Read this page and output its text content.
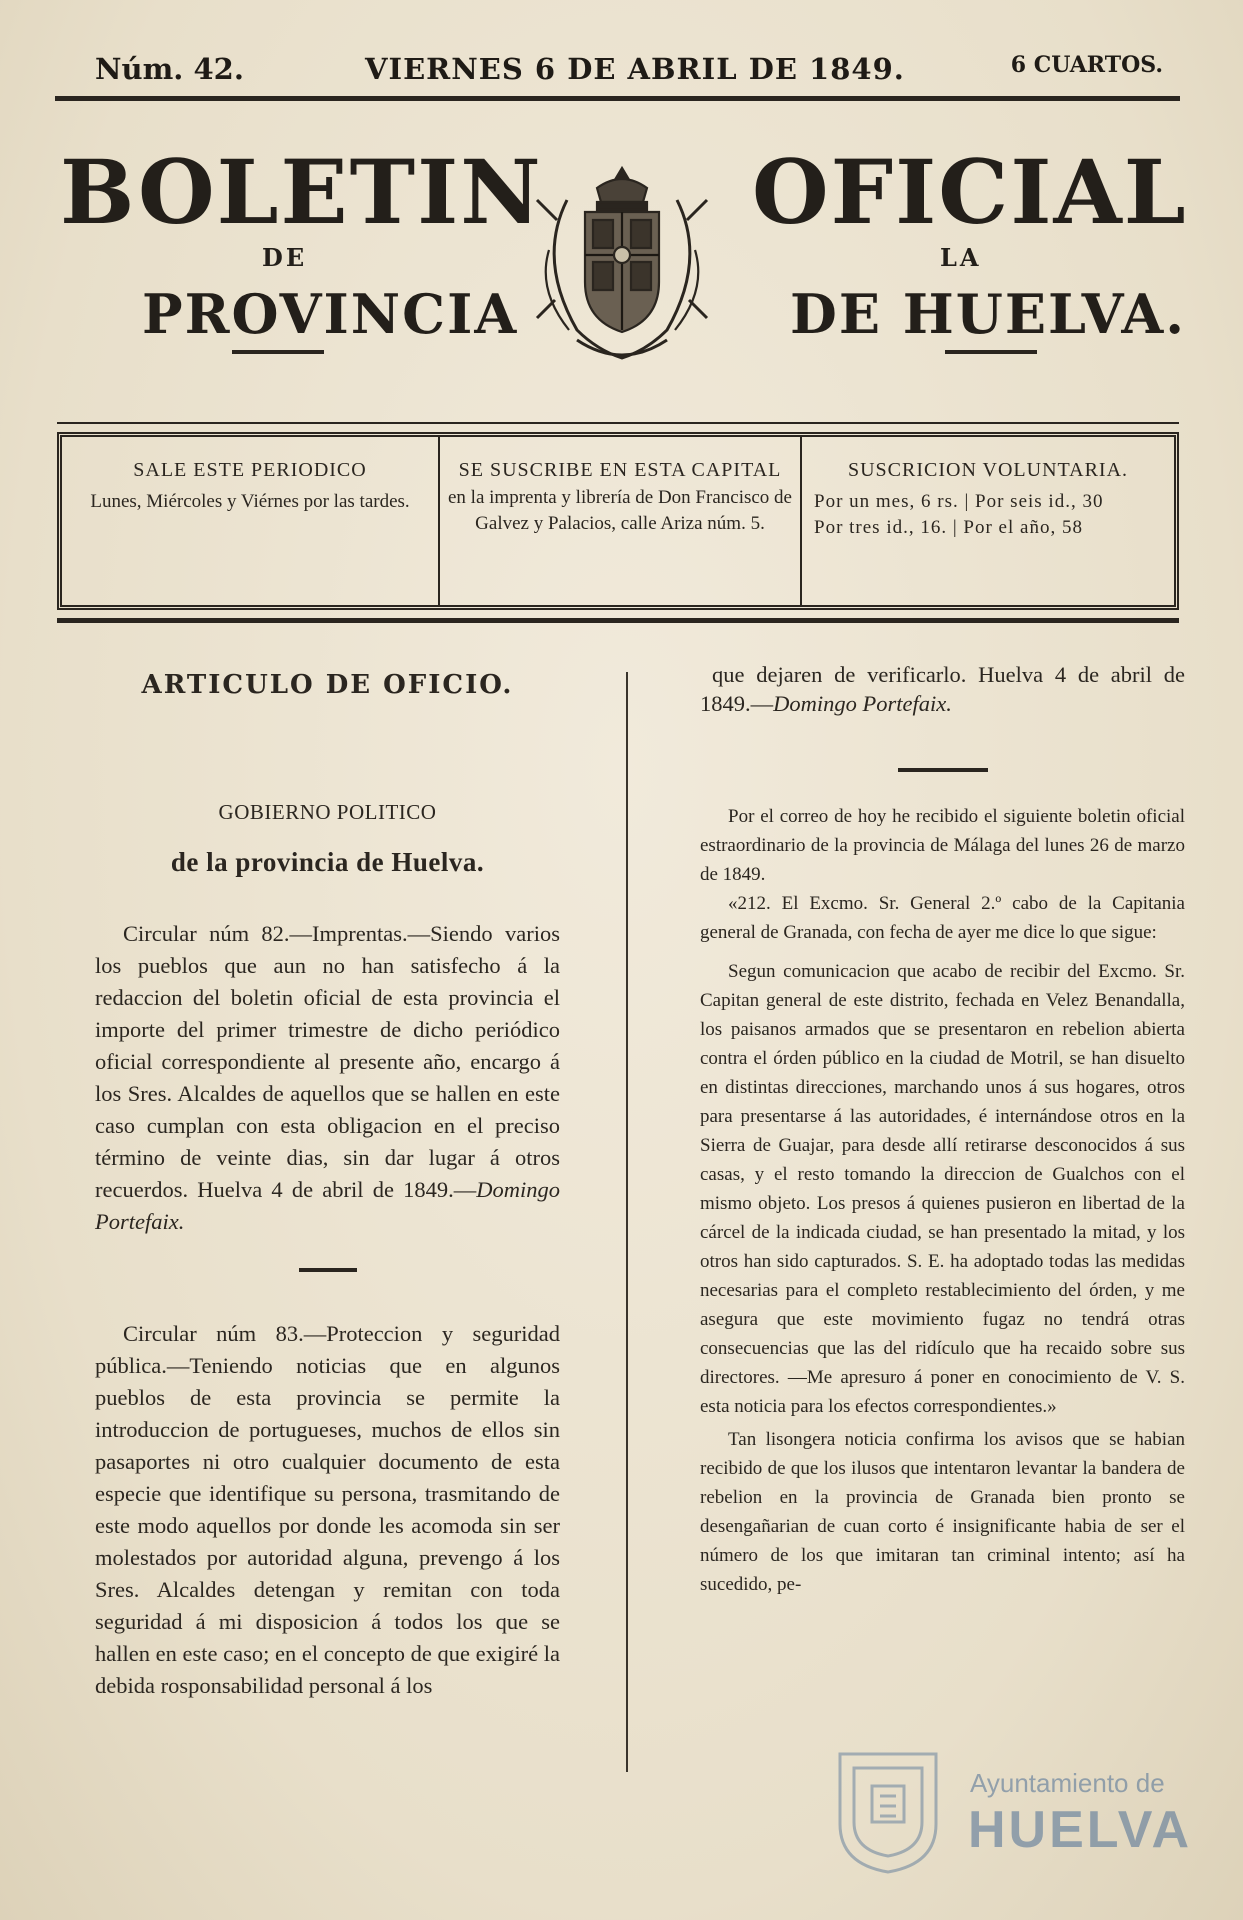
Núm. 42.	VIERNES 6 DE ABRIL DE 1849.	6 CUARTOS.
BOLETIN OFICIAL
DE	LA
PROVINCIA	DE HUELVA.
SALE ESTE PERIODICO
Lunes, Miércoles y Viérnes por las tardes.
SE SUSCRIBE EN ESTA CAPITAL
en la imprenta y librería de Don Francisco de Galvez y Palacios, calle Ariza núm. 5.
SUSCRICION VOLUNTARIA.
Por un mes, 6 rs. | Por seis id., 30
Por tres id., 16. | Por el año, 58
ARTICULO DE OFICIO.
GOBIERNO POLITICO
de la provincia de Huelva.

Circular núm 82.—Imprentas.—Siendo varios los pueblos que aun no han satisfecho á la redaccion del boletin oficial de esta provincia el importe del primer trimestre de dicho periódico oficial correspondiente al presente año, encargo á los Sres. Alcaldes de aquellos que se hallen en este caso cumplan con esta obligacion en el preciso término de veinte dias, sin dar lugar á otros recuerdos. Huelva 4 de abril de 1849.—Domingo Portefaix.

Circular núm 83.—Proteccion y seguridad pública.—Teniendo noticias que en algunos pueblos de esta provincia se permite la introduccion de portugueses, muchos de ellos sin pasaportes ni otro cualquier documento de esta especie que identifique su persona, trasmitando de este modo aquellos por donde les acomoda sin ser molestados por autoridad alguna, prevengo á los Sres. Alcaldes detengan y remitan con toda seguridad á mi disposicion á todos los que se hallen en este caso; en el concepto de que exigiré la debida rosponsabilidad personal á los

que dejaren de verificarlo. Huelva 4 de abril de 1849.—Domingo Portefaix.

Por el correo de hoy he recibido el siguiente boletin oficial estraordinario de la provincia de Málaga del lunes 26 de marzo de 1849.

«212. El Excmo. Sr. General 2.º cabo de la Capitania general de Granada, con fecha de ayer me dice lo que sigue:

Segun comunicacion que acabo de recibir del Excmo. Sr. Capitan general de este distrito, fechada en Velez Benandalla, los paisanos armados que se presentaron en rebelion abierta contra el órden público en la ciudad de Motril, se han disuelto en distintas direcciones, marchando unos á sus hogares, otros para presentarse á las autoridades, é internándose otros en la Sierra de Guajar, para desde allí retirarse desconocidos á sus casas, y el resto tomando la direccion de Gualchos con el mismo objeto. Los presos á quienes pusieron en libertad de la cárcel de la indicada ciudad, se han presentado la mitad, y los otros han sido capturados. S. E. ha adoptado todas las medidas necesarias para el completo restablecimiento del órden, y me asegura que este movimiento fugaz no tendrá otras consecuencias que las del ridículo que ha recaido sobre sus directores. —Me apresuro á poner en conocimiento de V. S. esta noticia para los efectos correspondientes.»

Tan lisongera noticia confirma los avisos que se habian recibido de que los ilusos que intentaron levantar la bandera de rebelion en la provincia de Granada bien pronto se desengañarian de cuan corto é insignificante habia de ser el número de los que imitaran tan criminal intento; así ha sucedido, pe-

Ayuntamiento de
HUELVA
